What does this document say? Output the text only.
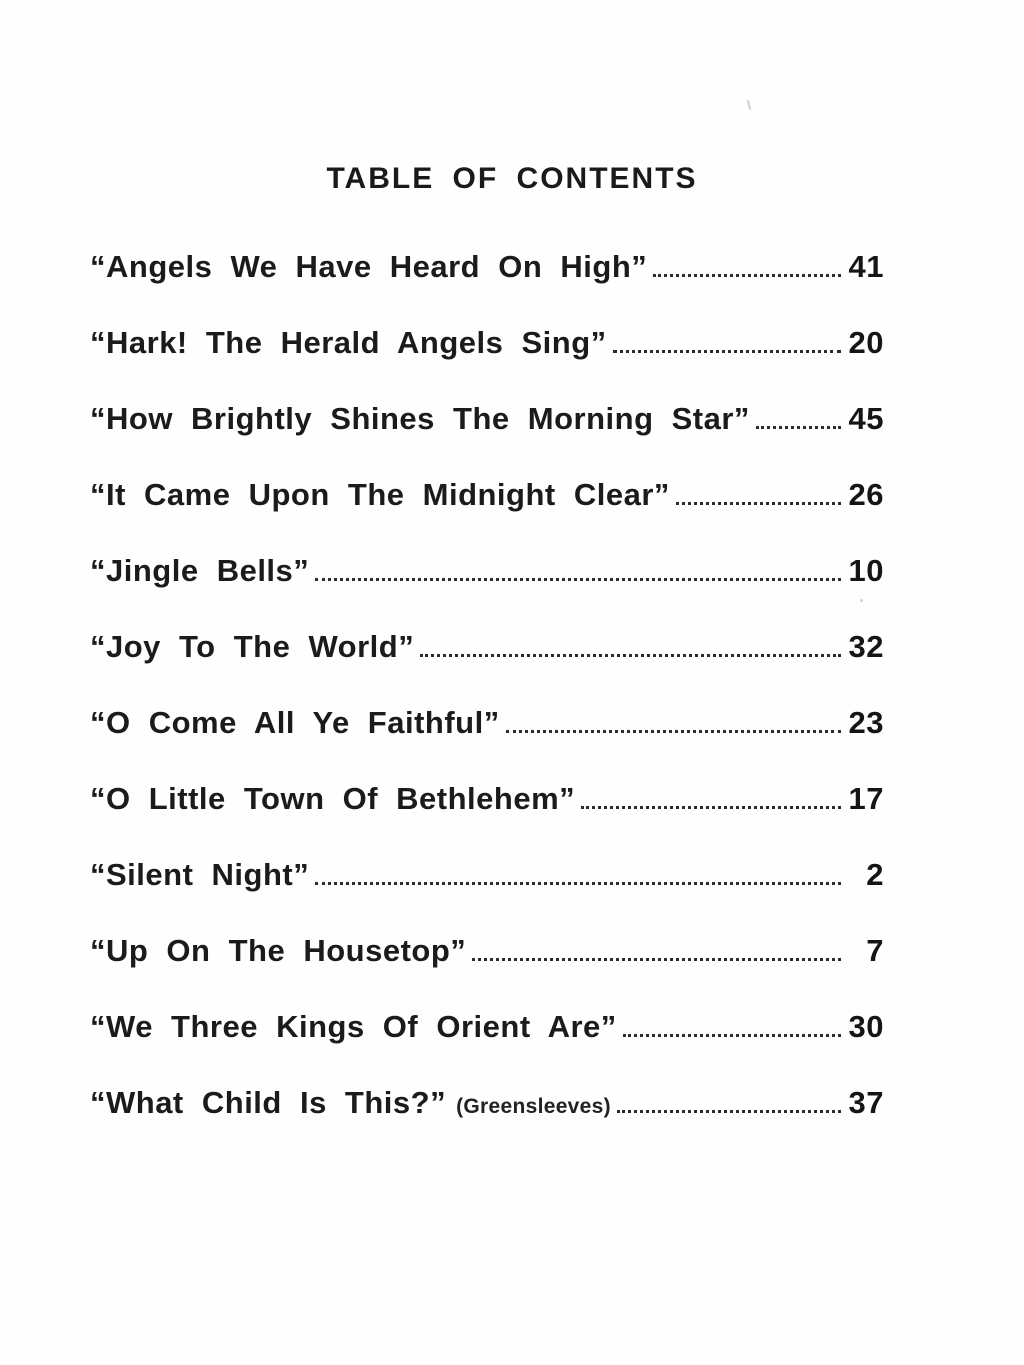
TABLE OF CONTENTS
“Angels We Have Heard On High”	41
“Hark! The Herald Angels Sing”	20
“How Brightly Shines The Morning Star”	45
“It Came Upon The Midnight Clear”	26
“Jingle Bells”	10
“Joy To The World”	32
“O Come All Ye Faithful”	23
“O Little Town Of Bethlehem”	17
“Silent Night”	2
“Up On The Housetop”	7
“We Three Kings Of Orient Are”	30
“What Child Is This?” (Greensleeves)	37
